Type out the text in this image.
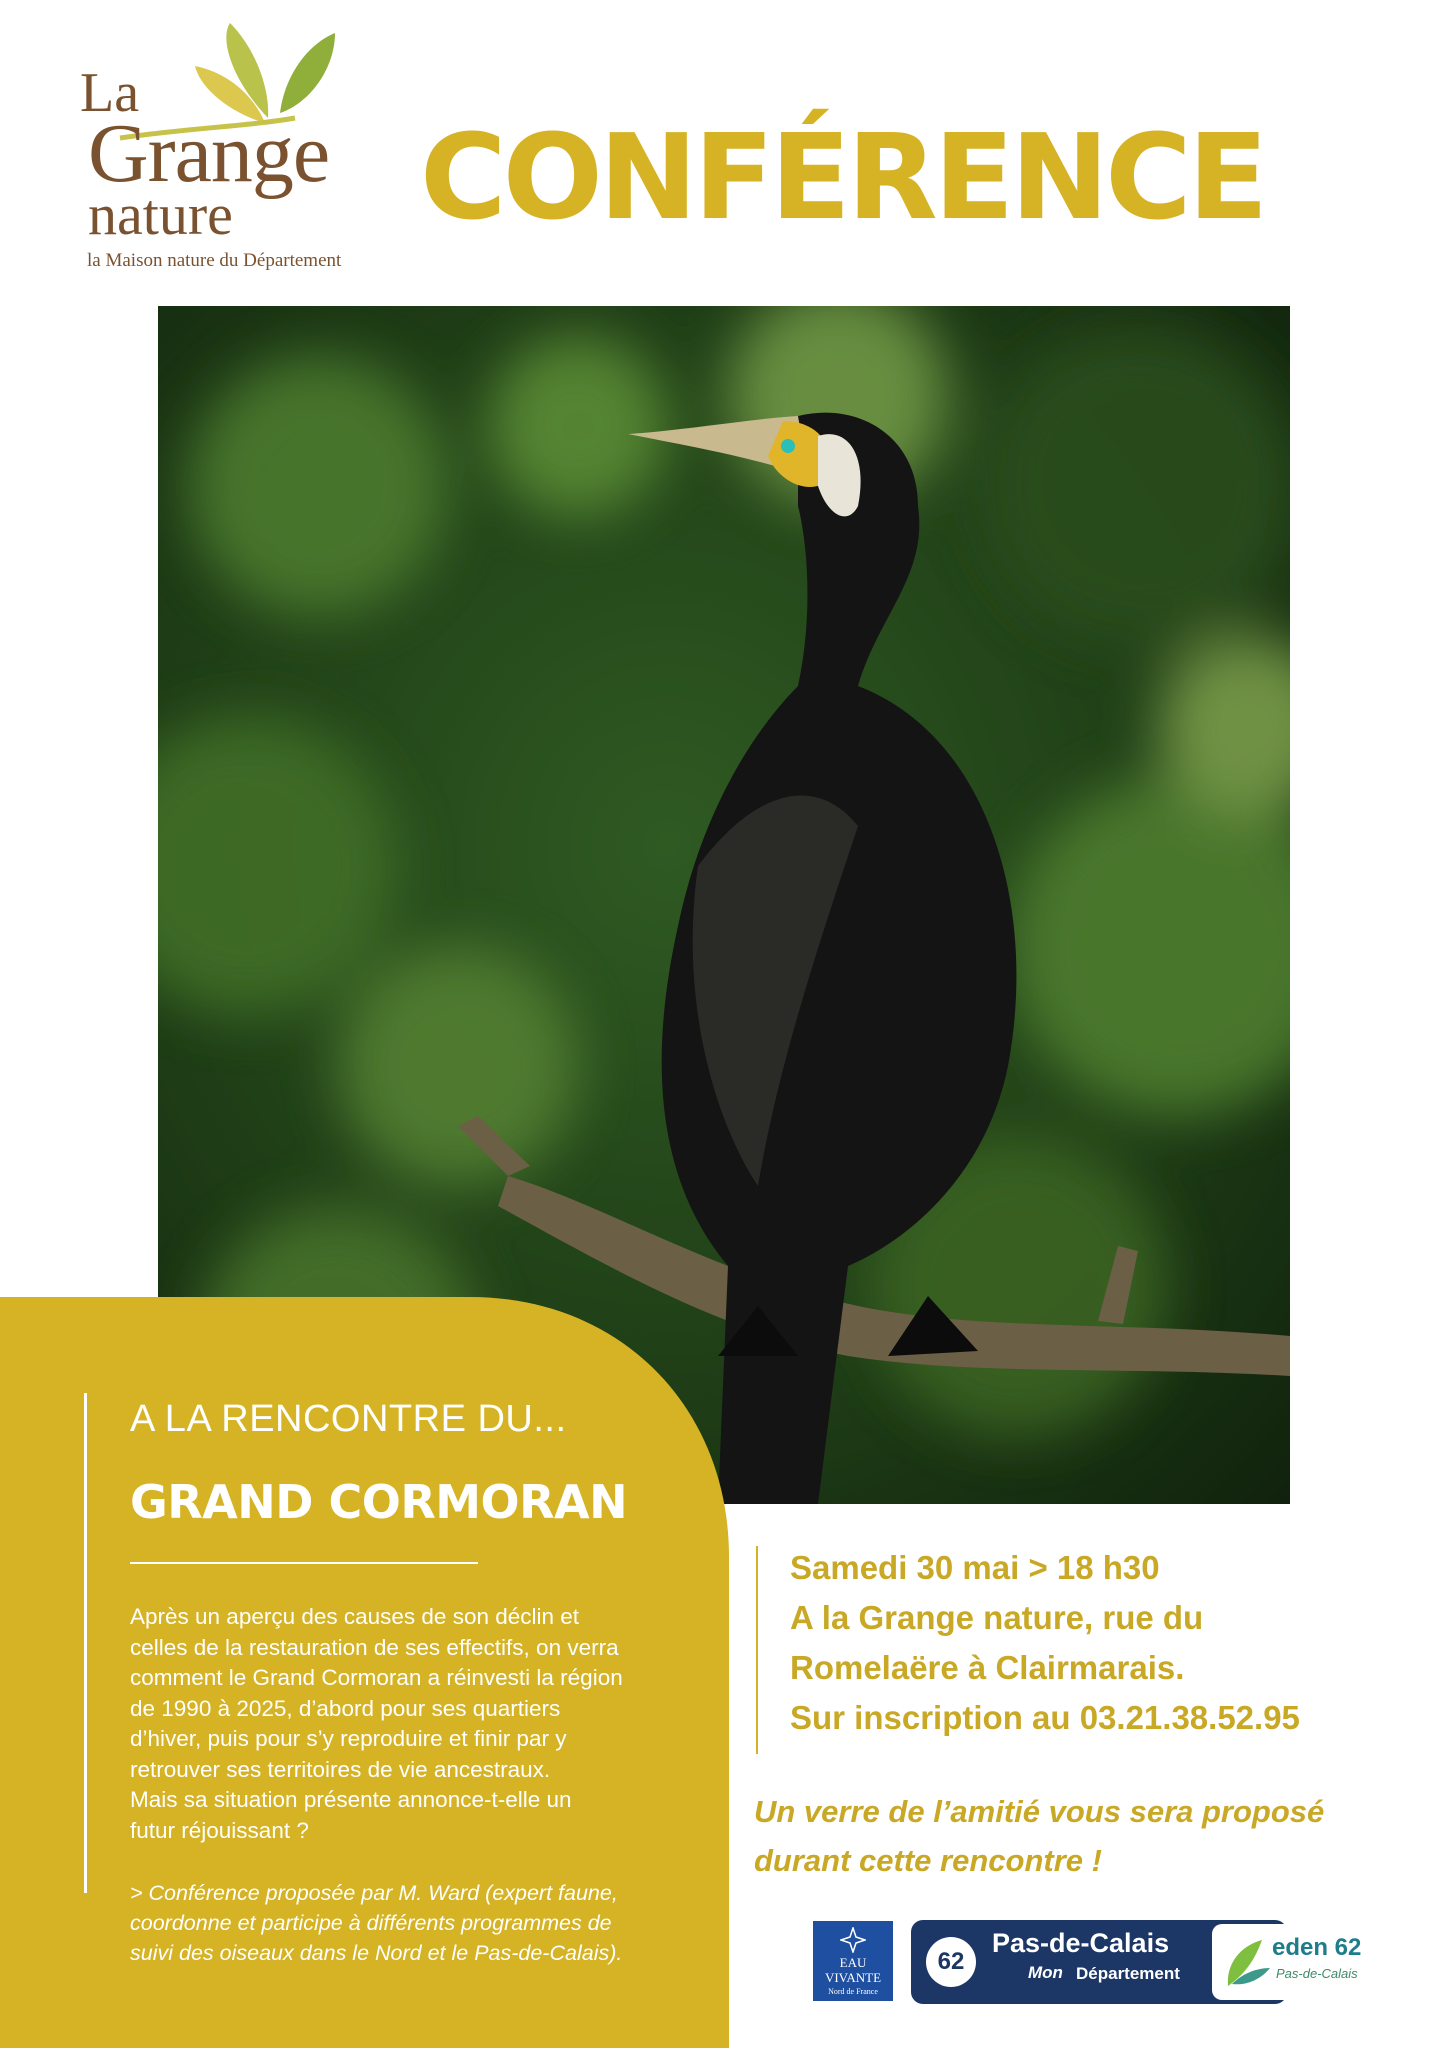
La
Grange
nature
la Maison nature du Département
CONFÉRENCE
A LA RENCONTRE DU...
GRAND CORMORAN
Après un aperçu des causes de son déclin et
celles de la restauration de ses effectifs, on verra
comment le Grand Cormoran a réinvesti la région
de 1990 à 2025, d’abord pour ses quartiers
d’hiver, puis pour s’y reproduire et finir par y
retrouver ses territoires de vie ancestraux.
Mais sa situation présente annonce-t-elle un
futur réjouissant ?
> Conférence proposée par M. Ward (expert faune,
coordonne et participe à différents programmes de
suivi des oiseaux dans le Nord et le Pas-de-Calais).
Samedi 30 mai > 18 h30
A la Grange nature, rue du
Romelaëre à Clairmarais.
Sur inscription au 03.21.38.52.95
Un verre de l’amitié vous sera proposé
durant cette rencontre !
EAU
VIVANTE
Nord de France
62
Pas-de-Calais
Mon Département
eden 62
Pas-de-Calais
